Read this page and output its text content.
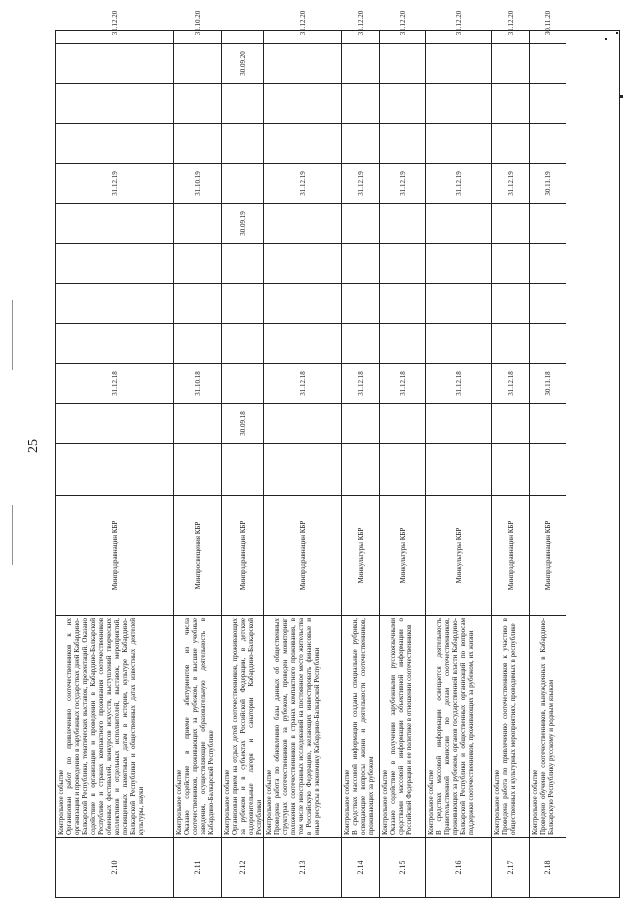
25
2.10
Контрольное событие Организован работ по привлечению соотечественников к их организации и проведению в зарубежных государствах дней Кабардино-Балкарской Республики, тематических выставок, презентаций. Оказано содействие в организации и проведении в Кабардино-Балкарской Республике и странах компактного проживания соотечественников обменных фестивалей, конкурсов искусств, выступлений творческих коллективов и отдельных исполнителей, выставок, мероприятий, посвященных памятным датам в истории, культуре Кабардино-Балкарской Республики и общественных датах известных деятелей культуры, науки
Минпрздравнацин КБР
31.12.18
31.12.19
31.12.20
2.11
Контрольное событие Оказано содействие в приеме абитуриентов из числа соотечественников, проживающих за рубежом, в высшие учебные заведения, осуществляющие образовательную деятельность в Кабардино-Балкарской Республике
Минпросвещения КБР
31.10.18
31.10.19
31.10.20
2.12
Контрольное событие Организован прием на отдых детей соотечественников, проживающих за рубежом и в субъектах Российской Федерации, в детские оздоровительные лагеря и санатории Кабардино-Балкарской Республики
Минпрздравнацин КБР
30.09.18
30.09.19
30.09.20
2.13
Контрольное событие Проведена работа по обновлению базы данных об общественных структурах соотечественников за рубежом, проведен мониторинг положения соотечественников в странах компактного проживания, в том числе иностранных исследований на постоянное место жительства в Российскую Федерацию, желающих инвестировать финансовые и иные ресурсы в экономику Кабардино-Балкарской Республики
Минпрздравнацин КБР
31.12.18
31.12.19
31.12.20
2.14
Контрольное событие В средствах массовой информации созданы специальные рубрики, освещающие вопросы жизни и деятельности соотечественников, проживающих за рубежом
Минкультуры КБР
31.12.18
31.12.19
31.12.20
2.15
Контрольное событие Оказано содействие в получении зарубежными русскоязычными средствами массовой информации объективной информации о Российской Федерации и ее политике в отношении соотечественников
Минкультуры КБР
31.12.18
31.12.19
31.12.20
2.16
Контрольное событие В средствах массовой информации освещается деятельность Правительственной комиссии по делам соотечественников, проживающих за рубежом, органов государственной власти Кабардино-Балкарской Республики и общественных организаций по вопросам поддержки соотечественников, проживающих за рубежом, их жизни
Минкультуры КБР
31.12.18
31.12.19
31.12.20
2.17
Контрольное событие Проведена работа по привлечению соотечественников к участию в общественных и культурных мероприятиях, проводимых в республике
Минпрздравнацин КБР
31.12.18
31.12.19
31.12.20
2.18
Контрольное событие Проведено обучение соотечественников, вынужденных в Кабардино-Балкарскую Республику русскому и родным языкам
Минпрздравнацин КБР
30.11.18
30.11.19
30.11.20
